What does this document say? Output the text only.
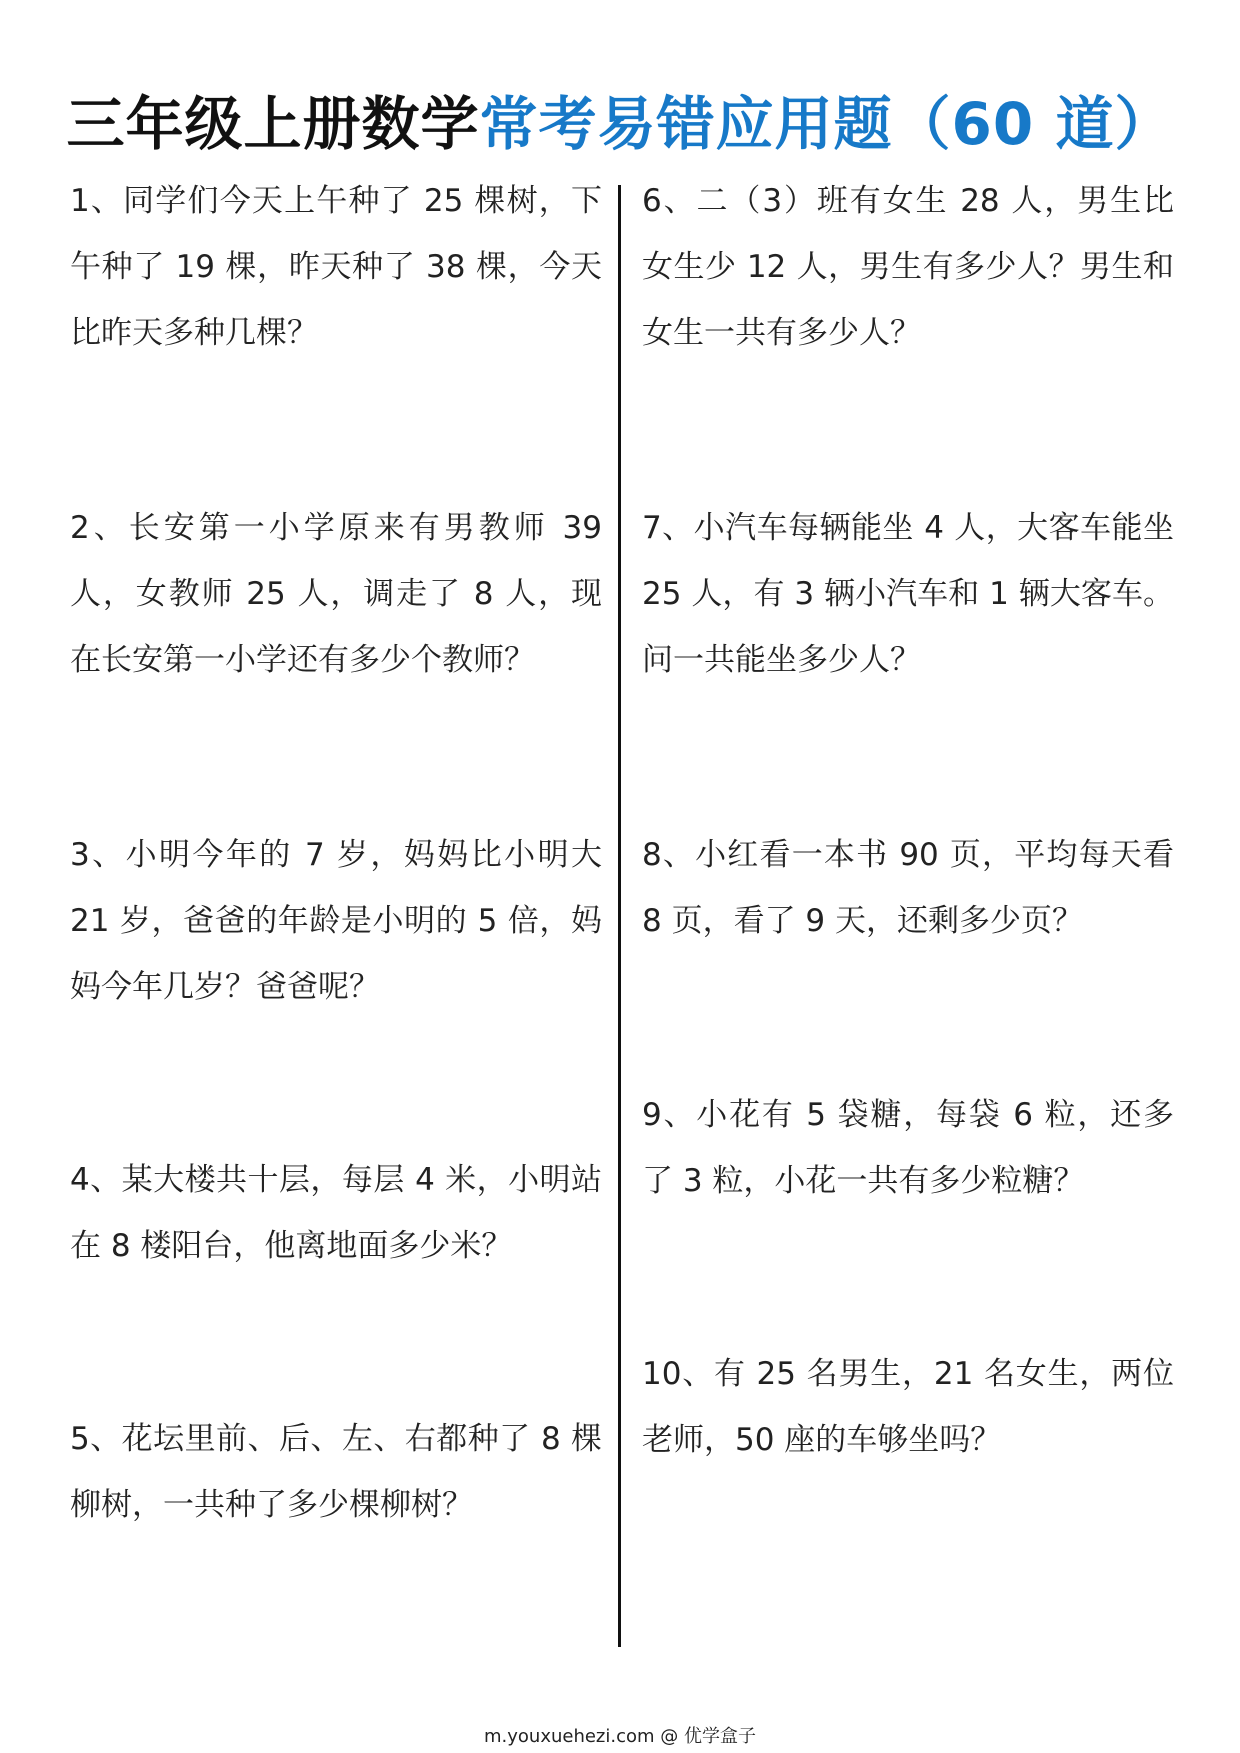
三年级上册数学常考易错应用题（60 道）
1、同学们今天上午种了 25 棵树，下午种了 19 棵，昨天种了 38 棵，今天比昨天多种几棵？
2、长安第一小学原来有男教师 39 人，女教师 25 人，调走了 8 人，现在长安第一小学还有多少个教师？
3、小明今年的 7 岁，妈妈比小明大 21 岁，爸爸的年龄是小明的 5 倍，妈妈今年几岁？爸爸呢？
4、某大楼共十层，每层 4 米，小明站在 8 楼阳台，他离地面多少米？
5、花坛里前、后、左、右都种了 8 棵柳树，一共种了多少棵柳树？
6、二（3）班有女生 28 人，男生比女生少 12 人，男生有多少人？男生和女生一共有多少人？
7、小汽车每辆能坐 4 人，大客车能坐 25 人，有 3 辆小汽车和 1 辆大客车。问一共能坐多少人？
8、小红看一本书 90 页，平均每天看 8 页，看了 9 天，还剩多少页？
9、小花有 5 袋糖，每袋 6 粒，还多了 3 粒，小花一共有多少粒糖？
10、有 25 名男生，21 名女生，两位老师，50 座的车够坐吗？
m.youxuehezi.com @ 优学盒子
